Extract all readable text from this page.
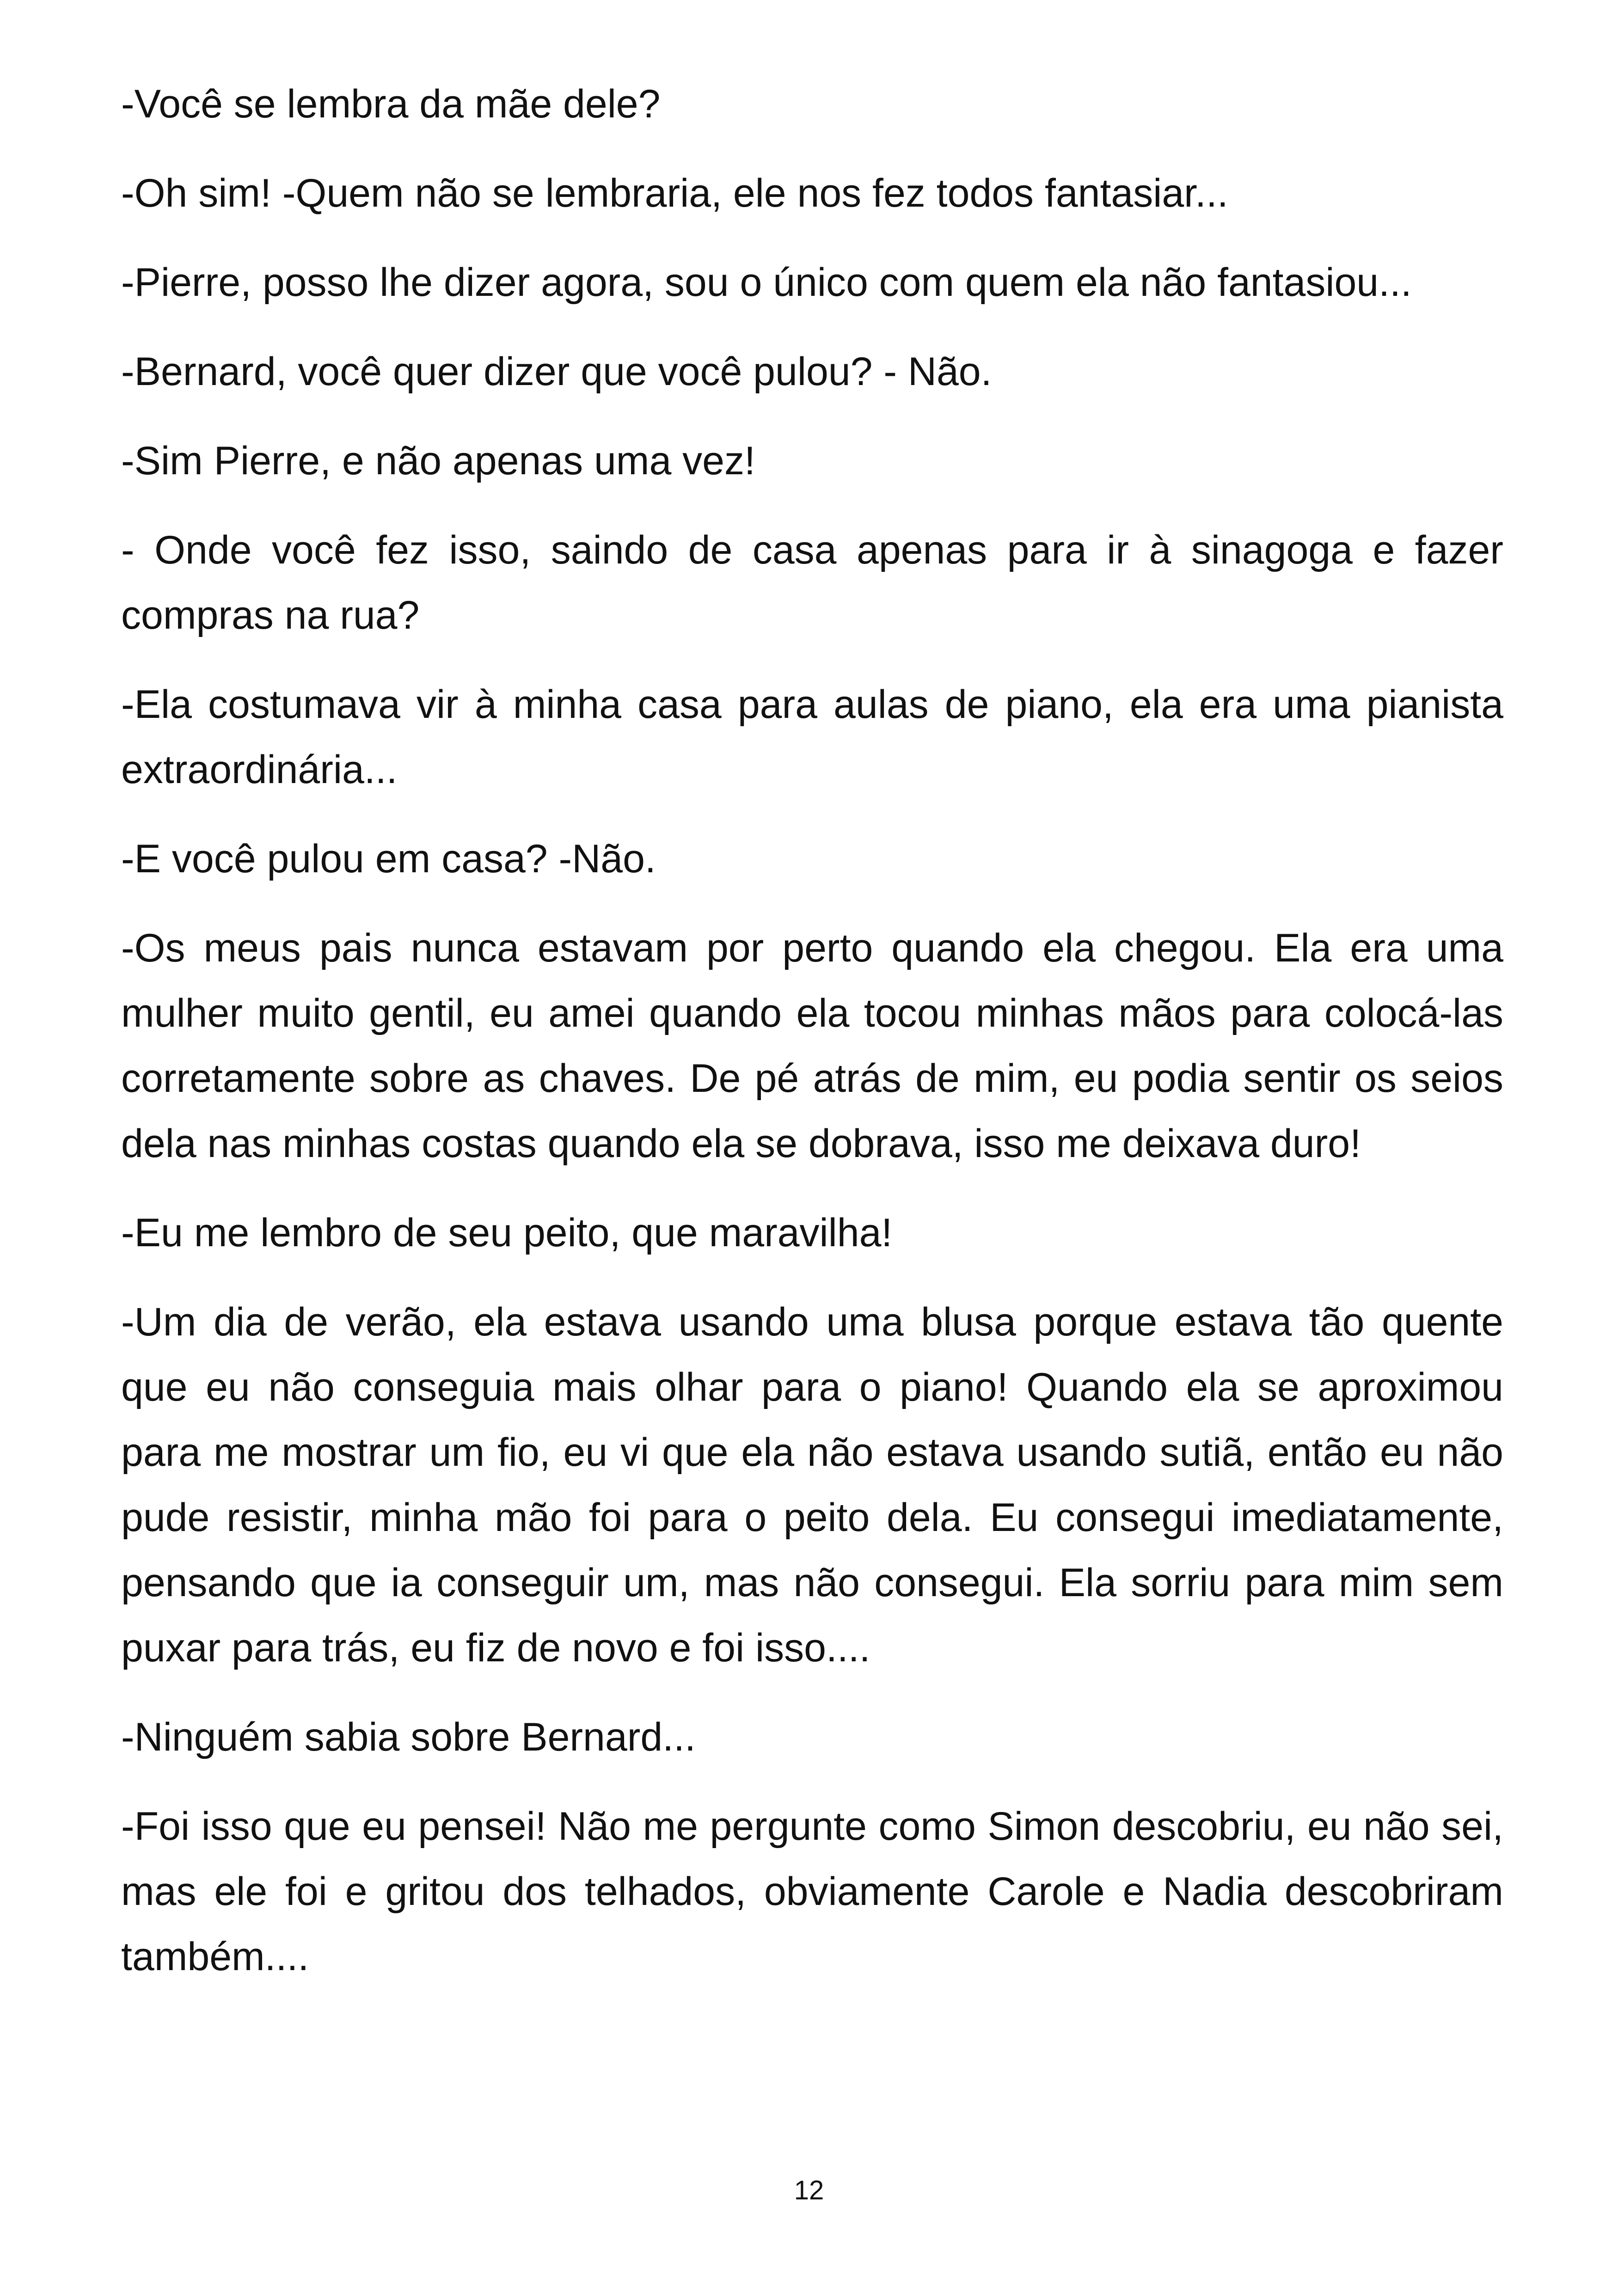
-Você se lembra da mãe dele?

-Oh sim! -Quem não se lembraria, ele nos fez todos fantasiar...

-Pierre, posso lhe dizer agora, sou o único com quem ela não fantasiou...

-Bernard, você quer dizer que você pulou? - Não.

-Sim Pierre, e não apenas uma vez!

- Onde você fez isso, saindo de casa apenas para ir à sinagoga e fazer compras na rua?

-Ela costumava vir à minha casa para aulas de piano, ela era uma pianista extraordinária...

-E você pulou em casa? -Não.

-Os meus pais nunca estavam por perto quando ela chegou. Ela era uma mulher muito gentil, eu amei quando ela tocou minhas mãos para colocá-las corretamente sobre as chaves. De pé atrás de mim, eu podia sentir os seios dela nas minhas costas quando ela se dobrava, isso me deixava duro!

-Eu me lembro de seu peito, que maravilha!

-Um dia de verão, ela estava usando uma blusa porque estava tão quente que eu não conseguia mais olhar para o piano! Quando ela se aproximou para me mostrar um fio, eu vi que ela não estava usando sutiã, então eu não pude resistir, minha mão foi para o peito dela. Eu consegui imediatamente, pensando que ia conseguir um, mas não consegui. Ela sorriu para mim sem puxar para trás, eu fiz de novo e foi isso....

-Ninguém sabia sobre Bernard...

-Foi isso que eu pensei! Não me pergunte como Simon descobriu, eu não sei, mas ele foi e gritou dos telhados, obviamente Carole e Nadia descobriram também....

12
